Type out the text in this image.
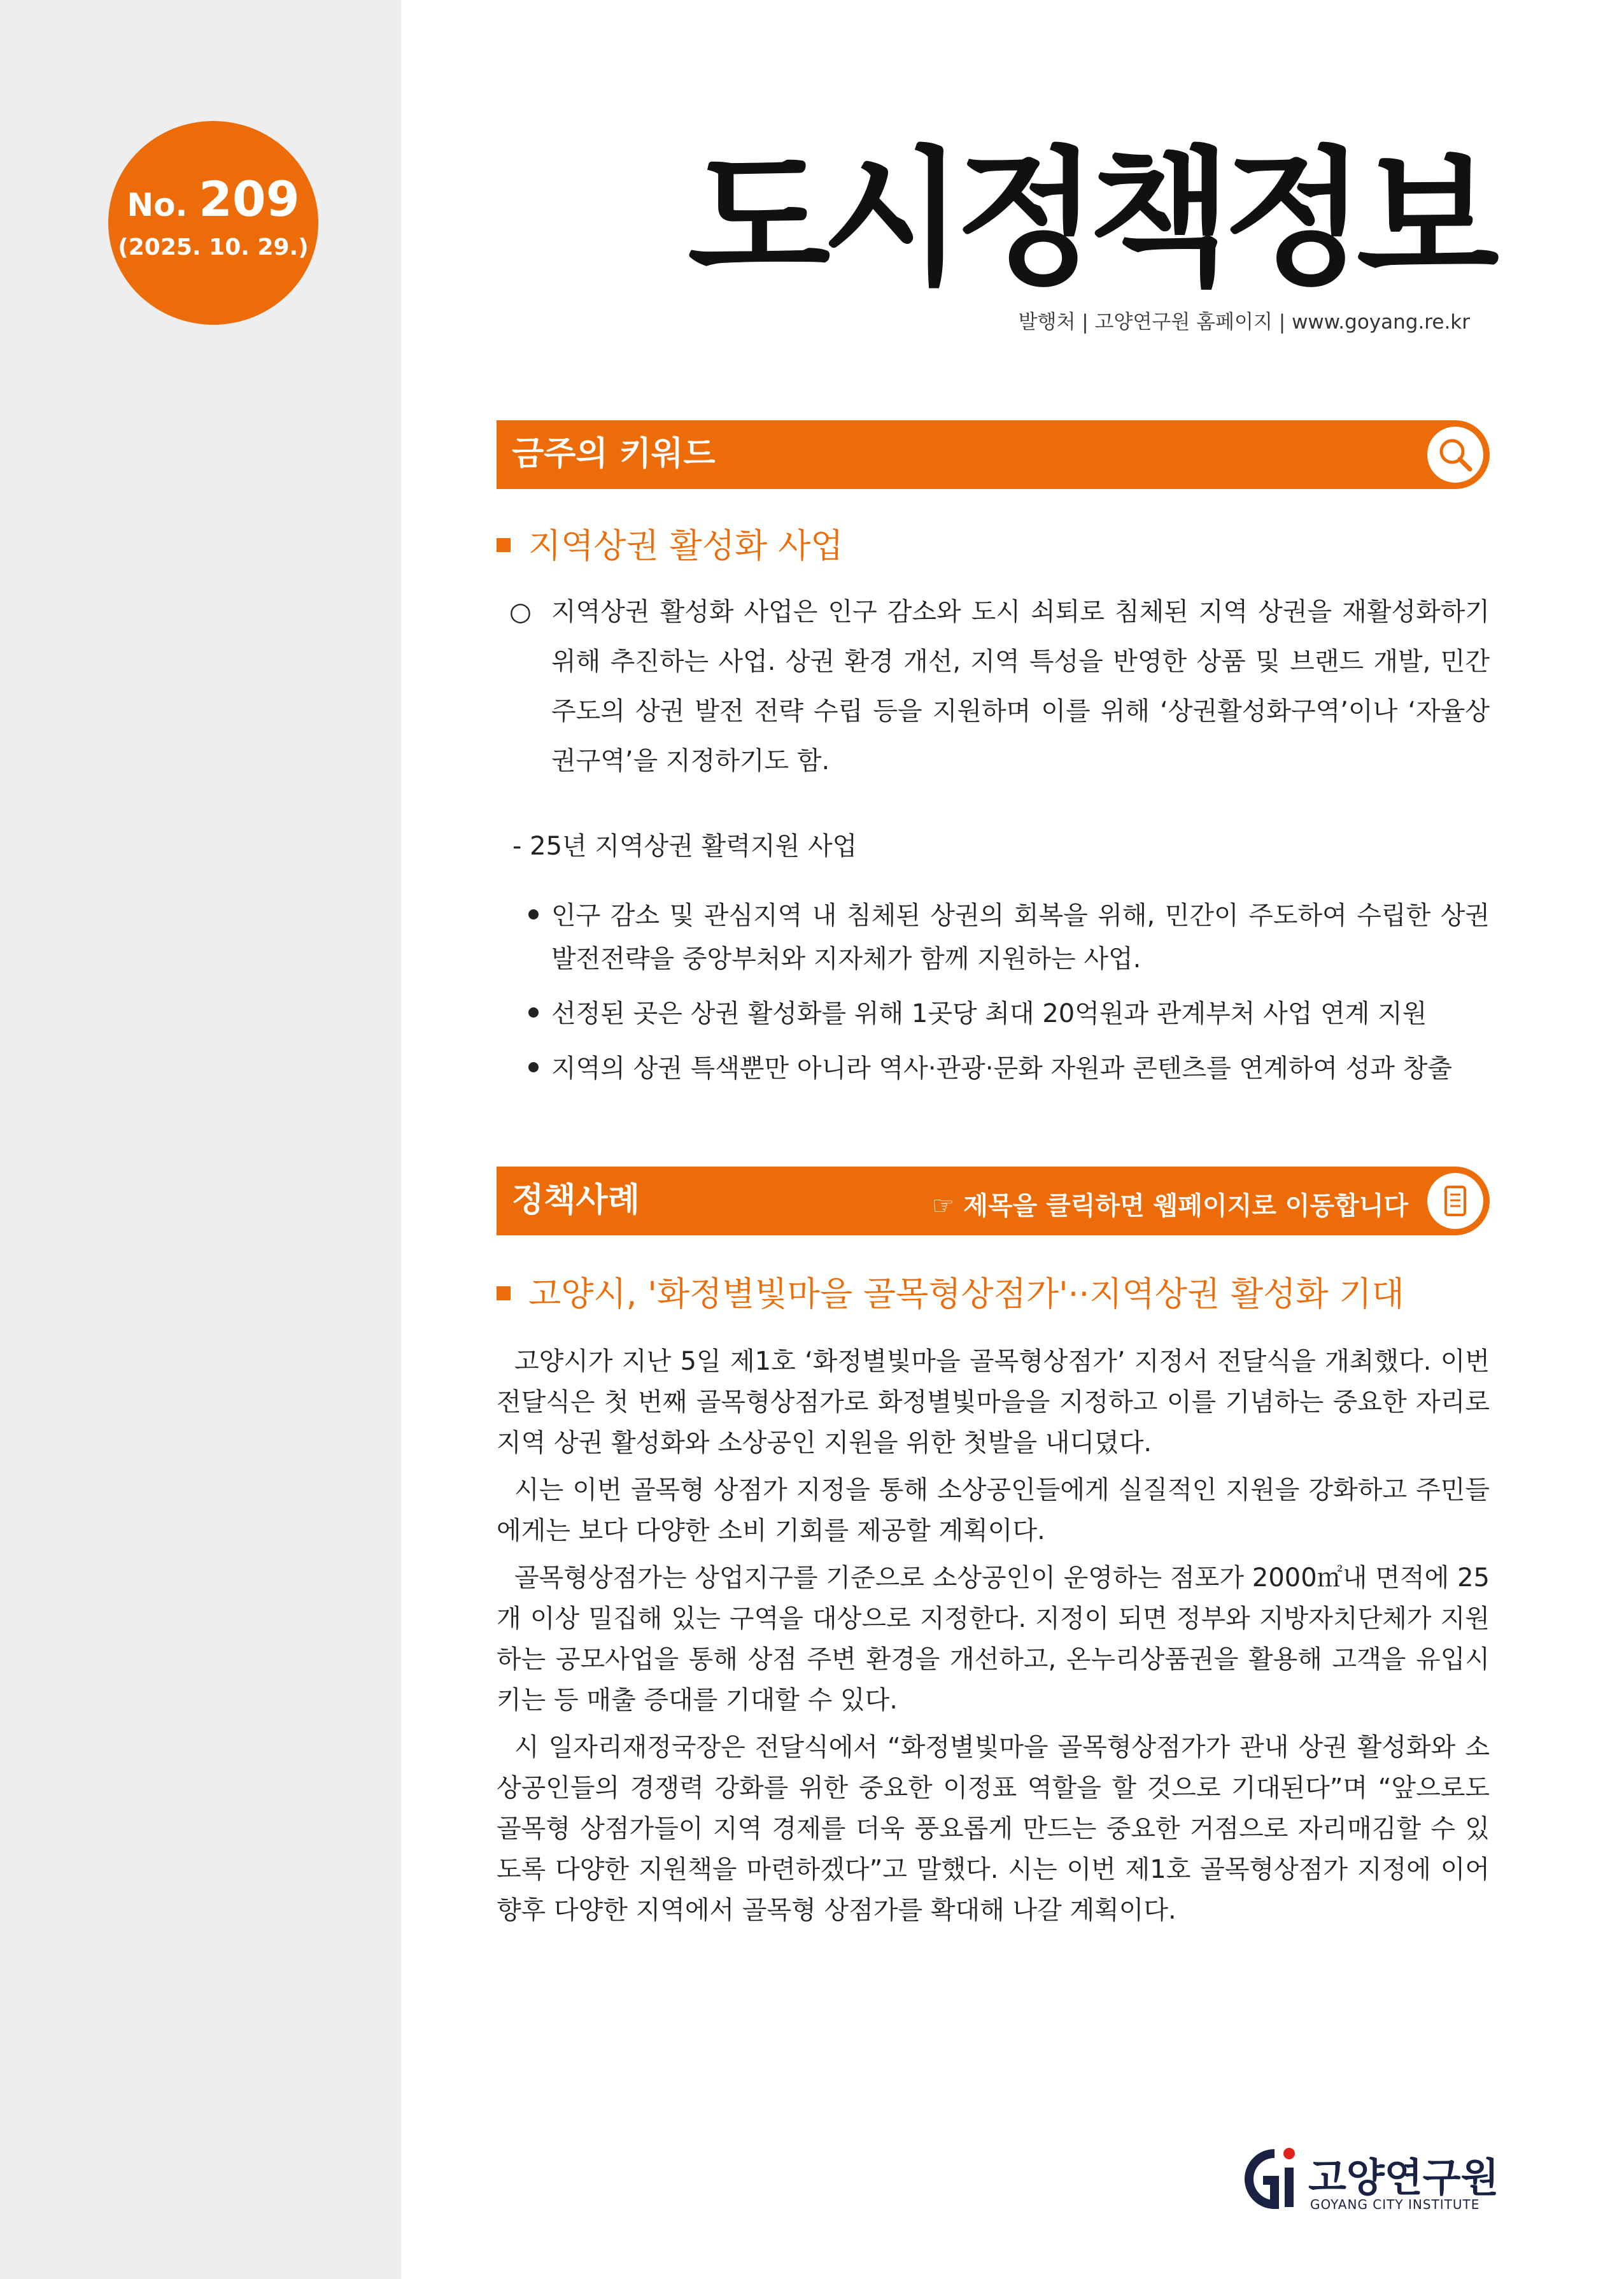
No. 209
(2025. 10. 29.)	도시정책정보
발행처 | 고양연구원 홈페이지 | www.goyang.re.kr
금주의 키워드
지역상권 활성화 사업
○ 지역상권 활성화 사업은 인구 감소와 도시 쇠퇴로 침체된 지역 상권을 재활성화하기 위해 추진하는 사업. 상권 환경 개선, 지역 특성을 반영한 상품 및 브랜드 개발, 민간 주도의 상권 발전 전략 수립 등을 지원하며 이를 위해 ‘상권활성화구역’이나 ‘자율상권구역’을 지정하기도 함.
- 25년 지역상권 활력지원 사업
인구 감소 및 관심지역 내 침체된 상권의 회복을 위해, 민간이 주도하여 수립한 상권발전전략을 중앙부처와 지자체가 함께 지원하는 사업.
선정된 곳은 상권 활성화를 위해 1곳당 최대 20억원과 관계부처 사업 연계 지원
지역의 상권 특색뿐만 아니라 역사·관광·문화 자원과 콘텐츠를 연계하여 성과 창출
정책사례	☞ 제목을 클릭하면 웹페이지로 이동합니다
고양시, '화정별빛마을 골목형상점가'··지역상권 활성화 기대

고양시가 지난 5일 제1호 ‘화정별빛마을 골목형상점가’ 지정서 전달식을 개최했다. 이번 전달식은 첫 번째 골목형상점가로 화정별빛마을을 지정하고 이를 기념하는 중요한 자리로 지역 상권 활성화와 소상공인 지원을 위한 첫발을 내디뎠다.

시는 이번 골목형 상점가 지정을 통해 소상공인들에게 실질적인 지원을 강화하고 주민들에게는 보다 다양한 소비 기회를 제공할 계획이다.

골목형상점가는 상업지구를 기준으로 소상공인이 운영하는 점포가 2000㎡내 면적에 25개 이상 밀집해 있는 구역을 대상으로 지정한다. 지정이 되면 정부와 지방자치단체가 지원하는 공모사업을 통해 상점 주변 환경을 개선하고, 온누리상품권을 활용해 고객을 유입시키는 등 매출 증대를 기대할 수 있다.

시 일자리재정국장은 전달식에서 “화정별빛마을 골목형상점가가 관내 상권 활성화와 소상공인들의 경쟁력 강화를 위한 중요한 이정표 역할을 할 것으로 기대된다”며 “앞으로도 골목형 상점가들이 지역 경제를 더욱 풍요롭게 만드는 중요한 거점으로 자리매김할 수 있도록 다양한 지원책을 마련하겠다”고 말했다. 시는 이번 제1호 골목형상점가 지정에 이어 향후 다양한 지역에서 골목형 상점가를 확대해 나갈 계획이다.

고양연구원
GOYANG CITY INSTITUTE
